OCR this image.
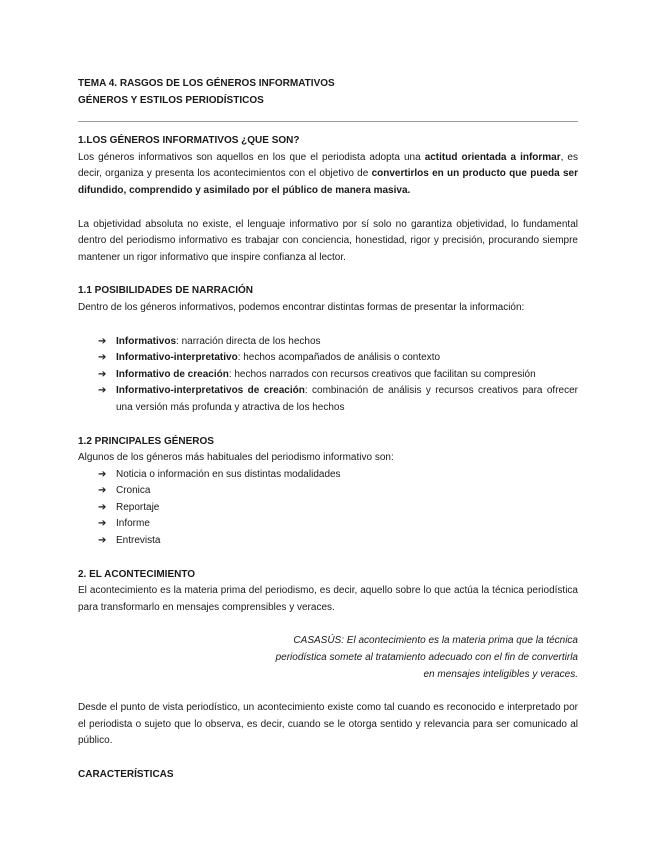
TEMA 4. RASGOS DE LOS GÉNEROS INFORMATIVOS
GÉNEROS Y ESTILOS PERIODÍSTICOS
1.LOS GÉNEROS INFORMATIVOS ¿QUE SON?

Los géneros informativos son aquellos en los que el periodista adopta una actitud orientada a informar, es decir, organiza y presenta los acontecimientos con el objetivo de convertirlos en un producto que pueda ser difundido, comprendido y asimilado por el público de manera masiva.

La objetividad absoluta no existe, el lenguaje informativo por sí solo no garantiza objetividad, lo fundamental dentro del periodismo informativo es trabajar con conciencia, honestidad, rigor y precisión, procurando siempre mantener un rigor informativo que inspire confianza al lector.

1.1 POSIBILIDADES DE NARRACIÓN

Dentro de los géneros informativos, podemos encontrar distintas formas de presentar la información:

➔ Informativos: narración directa de los hechos
➔ Informativo-interpretativo: hechos acompañados de análisis o contexto
➔ Informativo de creación: hechos narrados con recursos creativos que facilitan su compresión
➔ Informativo-interpretativos de creación: combinación de análisis y recursos creativos para ofrecer una versión más profunda y atractiva de los hechos
1.2 PRINCIPALES GÉNEROS

Algunos de los géneros más habituales del periodismo informativo son:

➔ Noticia o información en sus distintas modalidades
➔ Cronica
➔ Reportaje
➔ Informe
➔ Entrevista
2. EL ACONTECIMIENTO

El acontecimiento es la materia prima del periodismo, es decir, aquello sobre lo que actúa la técnica periodística para transformarlo en mensajes comprensibles y veraces.

CASASÚS: El acontecimiento es la materia prima que la técnica periodística somete al tratamiento adecuado con el fin de convertirla en mensajes inteligibles y veraces.

Desde el punto de vista periodístico, un acontecimiento existe como tal cuando es reconocido e interpretado por el periodista o sujeto que lo observa, es decir, cuando se le otorga sentido y relevancia para ser comunicado al público.

CARACTERÍSTICAS
